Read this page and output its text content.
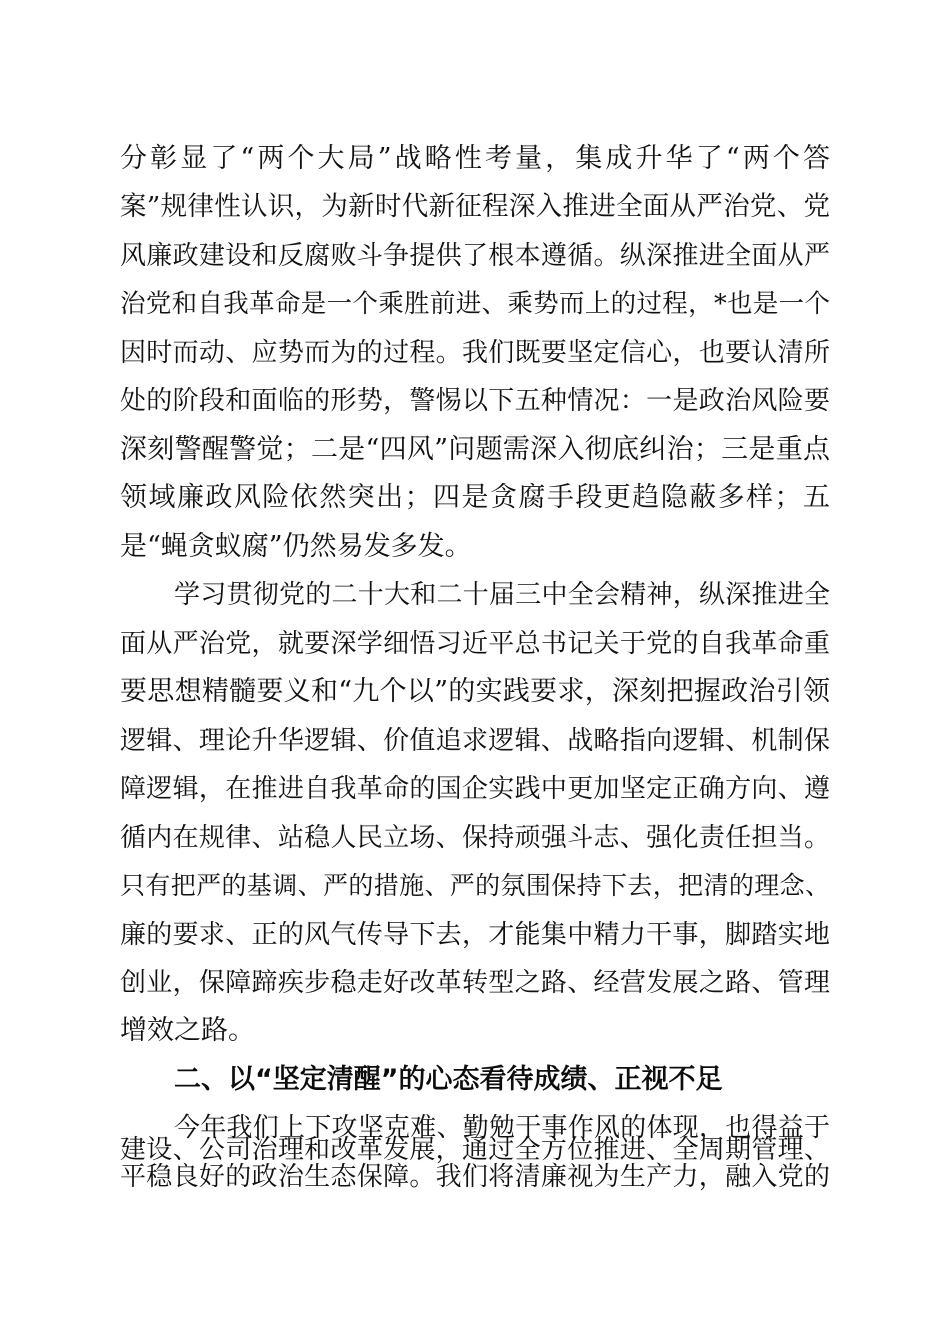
分彰显了“两个大局”战略性考量，集成升华了“两个答
案”规律性认识，为新时代新征程深入推进全面从严治党、党
风廉政建设和反腐败斗争提供了根本遵循。纵深推进全面从严
治党和自我革命是一个乘胜前进、乘势而上的过程，*也是一个
因时而动、应势而为的过程。我们既要坚定信心，也要认清所
处的阶段和面临的形势，警惕以下五种情况：一是政治风险要
深刻警醒警觉；二是“四风”问题需深入彻底纠治；三是重点
领域廉政风险依然突出；四是贪腐手段更趋隐蔽多样；五
是“蝇贪蚁腐”仍然易发多发。
学习贯彻党的二十大和二十届三中全会精神，纵深推进全
面从严治党，就要深学细悟习近平总书记关于党的自我革命重
要思想精髓要义和“九个以”的实践要求，深刻把握政治引领
逻辑、理论升华逻辑、价值追求逻辑、战略指向逻辑、机制保
障逻辑，在推进自我革命的国企实践中更加坚定正确方向、遵
循内在规律、站稳人民立场、保持顽强斗志、强化责任担当。
只有把严的基调、严的措施、严的氛围保持下去，把清的理念、
廉的要求、正的风气传导下去，才能集中精力干事，脚踏实地
创业，保障蹄疾步稳走好改革转型之路、经营发展之路、管理
增效之路。
二、以“坚定清醒”的心态看待成绩、正视不足
今年我们上下攻坚克难、勤勉干事作风的体现，也得益于
平稳良好的政治生态保障。我们将清廉视为生产力，融入党的
建设、公司治理和改革发展，通过全方位推进、全周期管理、
